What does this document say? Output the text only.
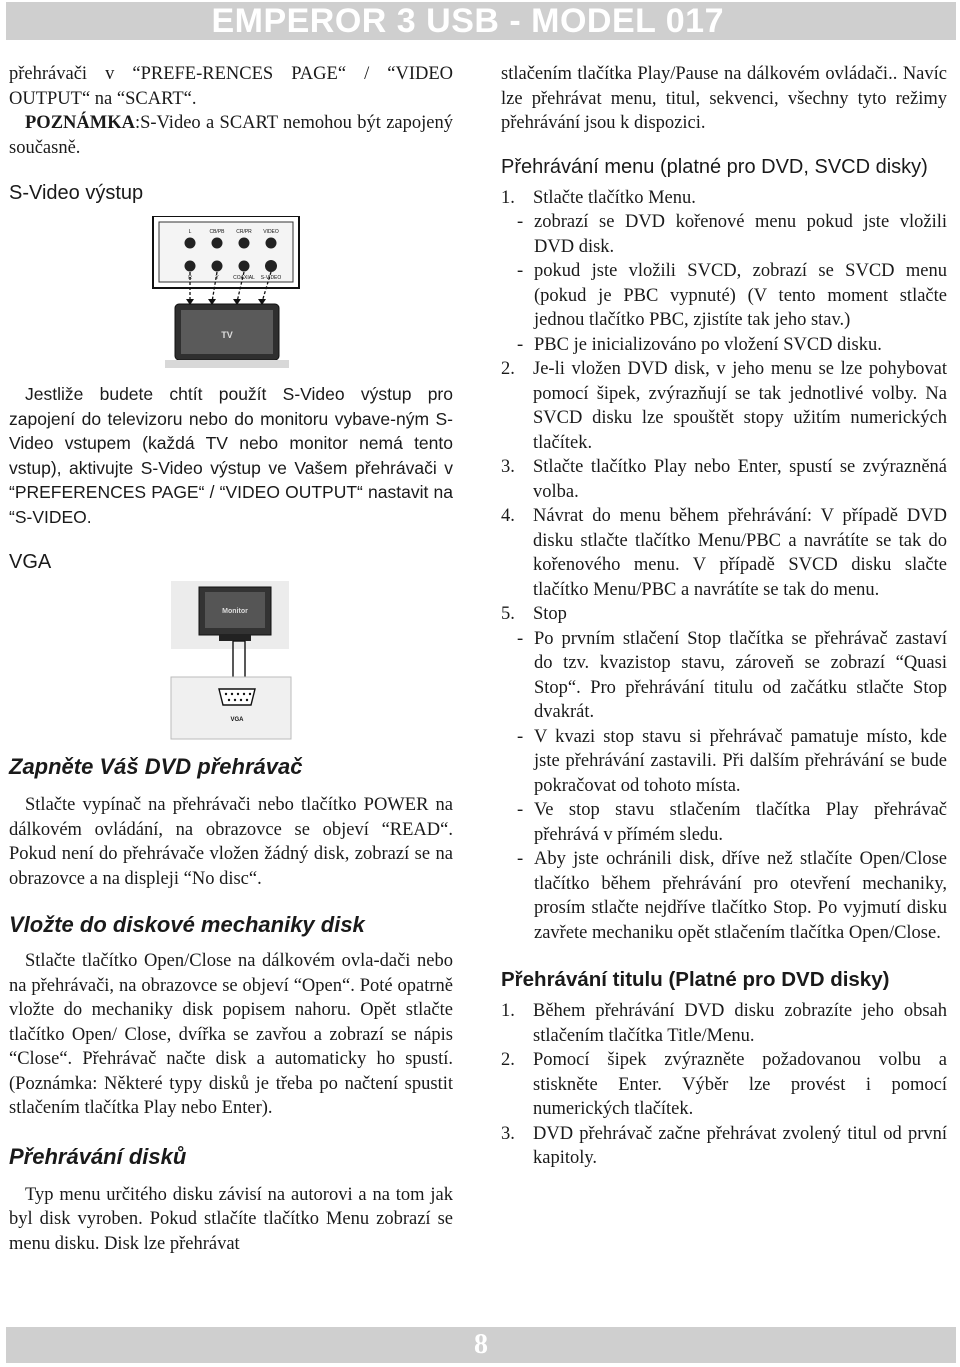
EMPEROR 3 USB - MODEL 017

přehrávači v “PREFE-RENCES PAGE“ / “VIDEO OUTPUT“ na “SCART“.

POZNÁMKA:S-Video a SCART nemohou být zapojený současně.

S-Video výstup
L	CB/PB CR/PR VIDEO
R	Y	COAXIAL S-VIDEO
TV

Jestliže budete chtít použít S-Video výstup pro zapojení do televizoru nebo do monitoru vybave-ným S-Video vstupem (každá TV nebo monitor nemá tento vstup), aktivujte S-Video výstup ve Vašem přehrávači v “PREFERENCES PAGE“ / “VIDEO OUTPUT“ nastavit na “S-VIDEO.

VGA
Monitor
VGA
Zapněte Váš DVD přehrávač

Stlačte vypínač na přehrávači nebo tlačítko POWER na dálkovém ovládání, na obrazovce se objeví “READ“. Pokud není do přehrávače vložen žádný disk, zobrazí se na obrazovce a na displeji “No disc“.

Vložte do diskové mechaniky disk

Stlačte tlačítko Open/Close na dálkovém ovla-dači nebo na přehrávači, na obrazovce se objeví “Open“. Poté opatrně vložte do mechaniky disk popisem nahoru. Opět stlačte tlačítko Open/ Close, dvířka se zavřou a zobrazí se nápis “Close“. Přehrávač načte disk a automaticky ho spustí. (Poznámka: Některé typy disků je třeba po načtení spustit stlačením tlačítka Play nebo Enter).

Přehrávání disků

Typ menu určitého disku závisí na autorovi a na tom jak byl disk vyroben. Pokud stlačíte tlačítko Menu zobrazí se menu disku. Disk lze přehrávat

stlačením tlačítka Play/Pause na dálkovém ovládači.. Navíc lze přehrávat menu, titul, sekvenci, všechny tyto režimy přehrávání jsou k dispozici.

Přehrávání menu (platné pro DVD, SVCD disky)
1. Stlačte tlačítko Menu.
- zobrazí se DVD kořenové menu pokud jste vložili DVD disk.
- pokud jste vložili SVCD, zobrazí se SVCD menu (pokud je PBC vypnuté) (V tento moment stlačte jednou tlačítko PBC, zjistíte tak jeho stav.)
- PBC je inicializováno po vložení SVCD disku.
2. Je-li vložen DVD disk, v jeho menu se lze pohybovat pomocí šipek, zvýrazňují se tak jednotlivé volby. Na SVCD disku lze spouštět stopy užitím numerických tlačítek.
3. Stlačte tlačítko Play nebo Enter, spustí se zvýrazněná volba.
4. Návrat do menu během přehrávání: V případě DVD disku stlačte tlačítko Menu/PBC a navrátíte se tak do kořenového menu. V případě SVCD disku slačte tlačítko Menu/PBC a navrátíte se tak do menu.
5. Stop
- Po prvním stlačení Stop tlačítka se přehrávač zastaví do tzv. kvazistop stavu, zároveň se zobrazí “Quasi Stop“. Pro přehrávání titulu od začátku stlačte Stop dvakrát.
- V kvazi stop stavu si přehrávač pamatuje místo, kde jste přehrávání zastavili. Při dalším přehrávání se bude pokračovat od tohoto místa.
- Ve stop stavu stlačením tlačítka Play přehrávač přehrává v přímém sledu.
- Aby jste ochránili disk, dříve než stlačíte Open/Close tlačítko během přehrávání pro otevření mechaniky, prosím stlačte nejdříve tlačítko Stop. Po vyjmutí disku zavřete mechaniku opět stlačením tlačítka Open/Close.
Přehrávání titulu (Platné pro DVD disky)
1. Během přehrávání DVD disku zobrazíte jeho obsah stlačením tlačítka Title/Menu.
2. Pomocí šipek zvýrazněte požadovanou volbu a stiskněte Enter. Výběr lze provést i pomocí numerických tlačítek.
3. DVD přehrávač začne přehrávat zvolený titul od první kapitoly.
8
